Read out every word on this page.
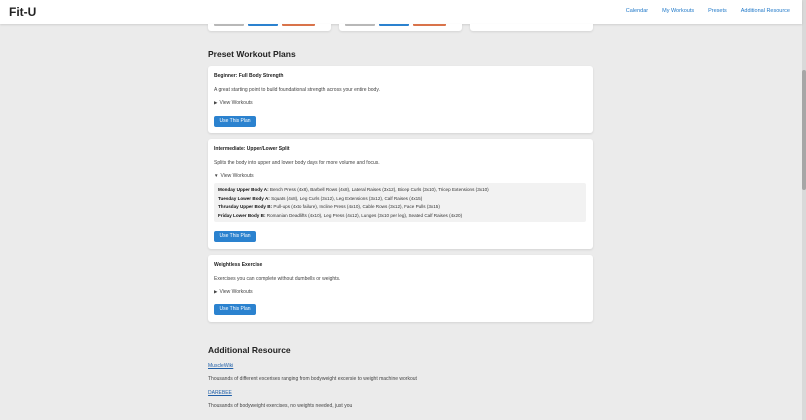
Fit-U	Calendar	My Workouts	Presets	Additional Resource
Preset Workout Plans
Beginner: Full Body Strength
A great starting point to build foundational strength across your entire body.
▶ View Workouts
Use This Plan
Intermediate: Upper/Lower Split
Splits the body into upper and lower body days for more volume and focus.
▼ View Workouts
Monday Upper Body A: Bench Press (4x8), Barbell Rows (4x8), Lateral Raises (3x12), Bicep Curls (3x10), Tricep Extensions (3x10)
Tuesday Lower Body A: Squats (4x8), Leg Curls (3x12), Leg Extensions (3x12), Calf Raises (4x15)
Thrusday Upper Body B: Pull-ups (4xto failure), Incline Press (4x10), Cable Rows (3x12), Face Pulls (3x15)
Friday Lower Body B: Romanian Deadlifts (4x10), Leg Press (4x12), Lunges (3x10 per leg), Seated Calf Raises (4x20)
Use This Plan
Weightless Exercise
Exercises you can complete without dumbells or weights.
▶ View Workouts
Use This Plan
Additional Resource
MuscleWiki
Thousands of different excerises ranging from bodyweight excersie to weight machine workout
DAREBEE
Thousands of bodyweight exercises, no weights needed, just you
